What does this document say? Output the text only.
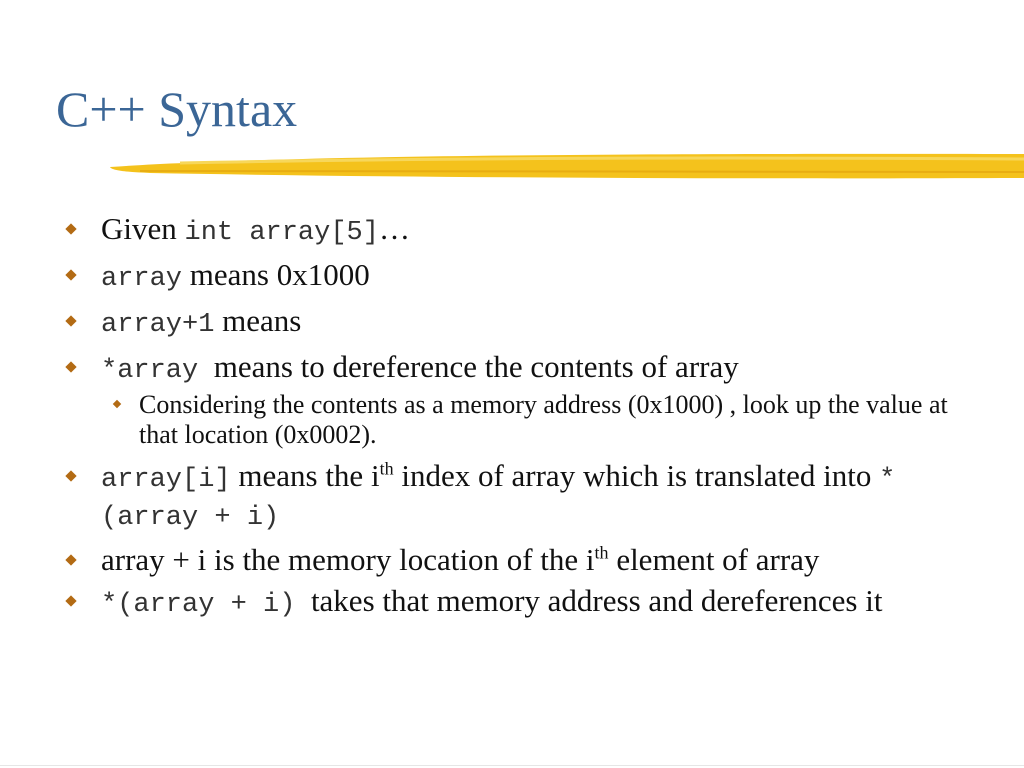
C++ Syntax
Given int array[5]…
array means 0x1000
array+1 means
*array  means to dereference the contents of array
Considering the contents as a memory address (0x1000) , look up the value at that location (0x0002).
array[i] means the $i^{th}$ index of array which is translated into *(array + i)
array + i is the memory location of the $i^{th}$ element of array
*(array + i)  takes that memory address and dereferences it
